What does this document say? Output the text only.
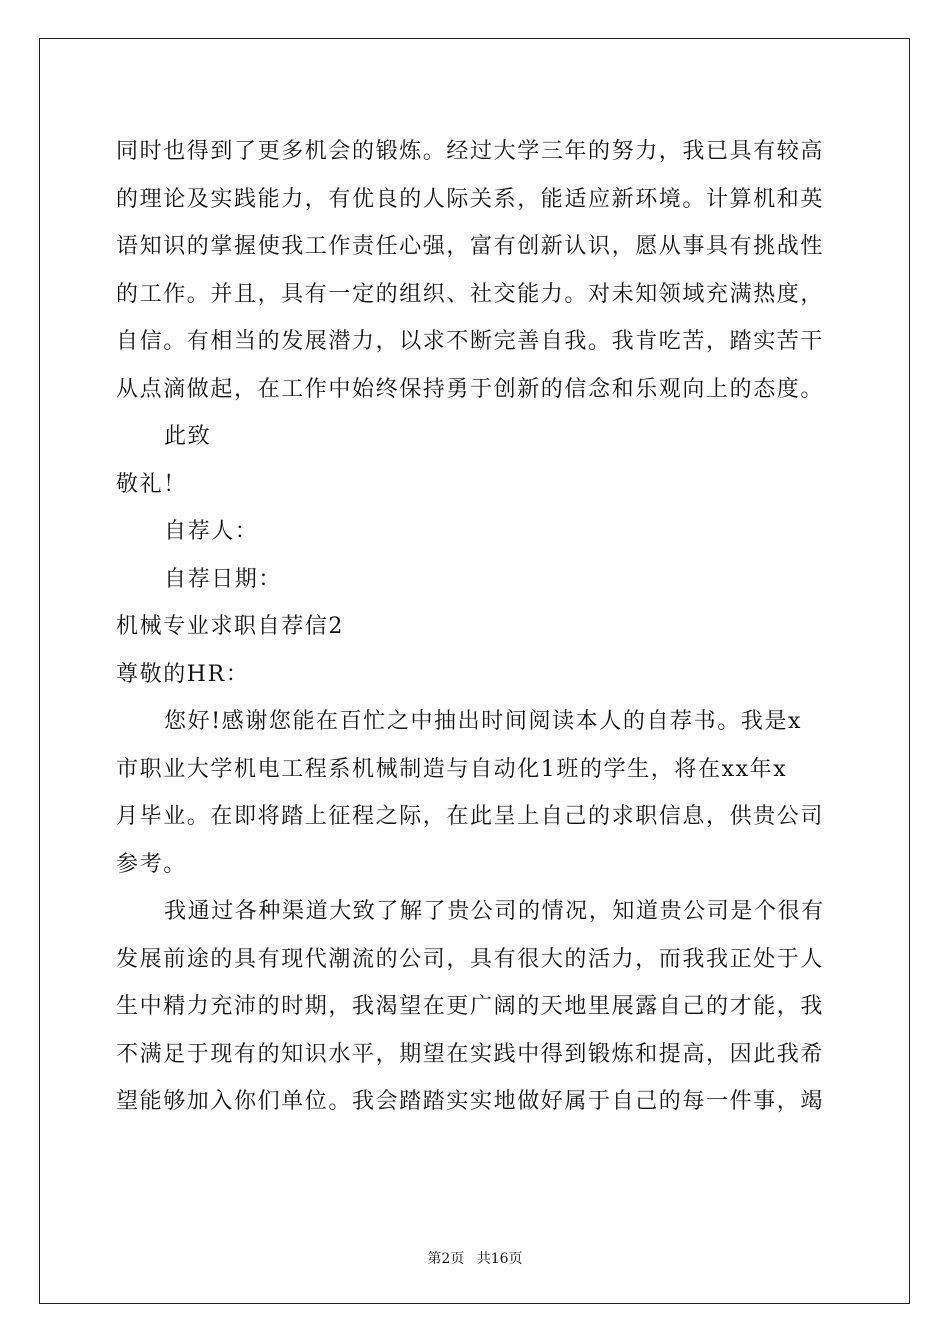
同时也得到了更多机会的锻炼。经过大学三年的努力，我已具有较高
的理论及实践能力，有优良的人际关系，能适应新环境。计算机和英
语知识的掌握使我工作责任心强，富有创新认识，愿从事具有挑战性
的工作。并且，具有一定的组织、社交能力。对未知领域充满热度，
自信。有相当的发展潜力，以求不断完善自我。我肯吃苦，踏实苦干
从点滴做起，在工作中始终保持勇于创新的信念和乐观向上的态度。
此致
敬礼！
自荐人：
自荐日期：
机械专业求职自荐信2
尊敬的HR：
您好!感谢您能在百忙之中抽出时间阅读本人的自荐书。我是x
市职业大学机电工程系机械制造与自动化1班的学生，将在xx年x
月毕业。在即将踏上征程之际，在此呈上自己的求职信息，供贵公司
参考。
我通过各种渠道大致了解了贵公司的情况，知道贵公司是个很有
发展前途的具有现代潮流的公司，具有很大的活力，而我我正处于人
生中精力充沛的时期，我渴望在更广阔的天地里展露自己的才能，我
不满足于现有的知识水平，期望在实践中得到锻炼和提高，因此我希
望能够加入你们单位。我会踏踏实实地做好属于自己的每一件事，竭
第2页 共16页
